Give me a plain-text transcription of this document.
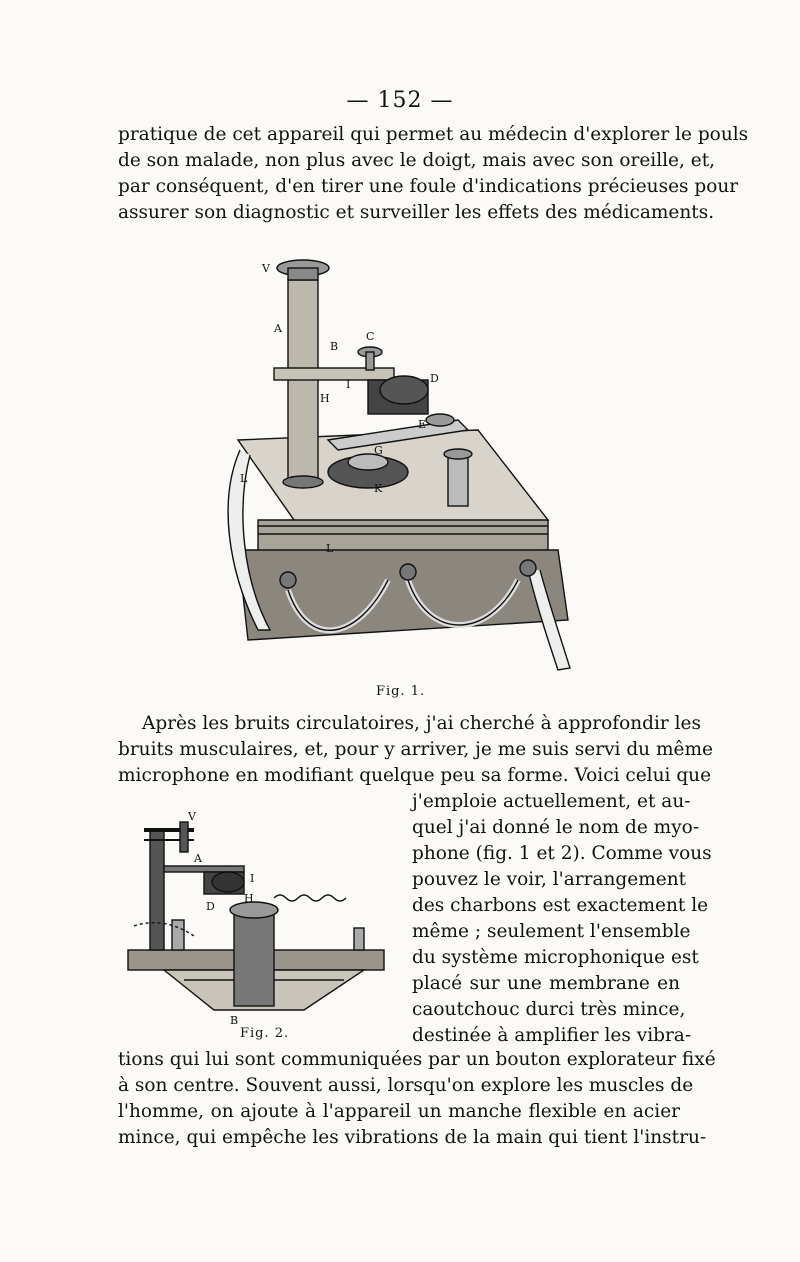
— 152 —
pratique de cet appareil qui permet au médecin d'explorer le pouls
de son malade, non plus avec le doigt, mais avec son oreille, et,
par conséquent, d'en tirer une foule d'indications précieuses pour
assurer son diagnostic et surveiller les effets des médicaments.
V
A
B
C
D
H
I
E
G
L
K
L
Fig. 1.
Après les bruits circulatoires, j'ai cherché à approfondir les
bruits musculaires, et, pour y arriver, je me suis servi du même
microphone en modifiant quelque peu sa forme. Voici celui que
V
A
I
D
H
B
Fig. 2.
j'emploie actuellement, et au-
quel j'ai donné le nom de myo-
phone (fig. 1 et 2). Comme vous
pouvez le voir, l'arrangement
des charbons est exactement le
même ; seulement l'ensemble
du système microphonique est
placé sur une membrane en
caoutchouc durci très mince,
destinée à amplifier les vibra-
tions qui lui sont communiquées par un bouton explorateur fixé
à son centre. Souvent aussi, lorsqu'on explore les muscles de
l'homme, on ajoute à l'appareil un manche flexible en acier
mince, qui empêche les vibrations de la main qui tient l'instru-
